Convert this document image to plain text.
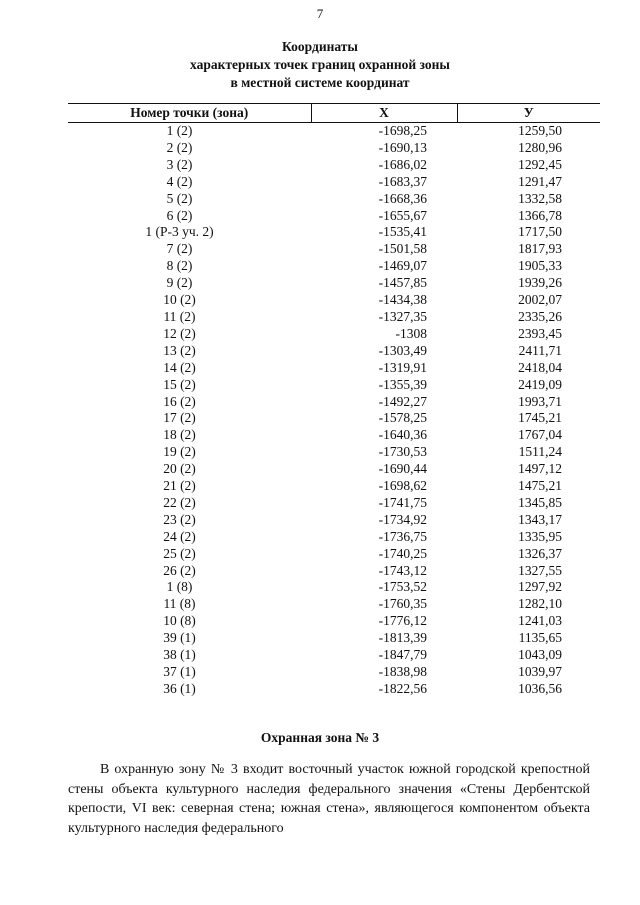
7
Координаты
характерных точек границ охранной зоны
в местной системе координат
Номер точки (зона)	X	У
1 (2)	-1698,25	1259,50
2 (2)	-1690,13	1280,96
3 (2)	-1686,02	1292,45
4 (2)	-1683,37	1291,47
5 (2)	-1668,36	1332,58
6 (2)	-1655,67	1366,78
1 (Р-3 уч. 2)	-1535,41	1717,50
7 (2)	-1501,58	1817,93
8 (2)	-1469,07	1905,33
9 (2)	-1457,85	1939,26
10 (2)	-1434,38	2002,07
11 (2)	-1327,35	2335,26
12 (2)	-1308	2393,45
13 (2)	-1303,49	2411,71
14 (2)	-1319,91	2418,04
15 (2)	-1355,39	2419,09
16 (2)	-1492,27	1993,71
17 (2)	-1578,25	1745,21
18 (2)	-1640,36	1767,04
19 (2)	-1730,53	1511,24
20 (2)	-1690,44	1497,12
21 (2)	-1698,62	1475,21
22 (2)	-1741,75	1345,85
23 (2)	-1734,92	1343,17
24 (2)	-1736,75	1335,95
25 (2)	-1740,25	1326,37
26 (2)	-1743,12	1327,55
1 (8)	-1753,52	1297,92
11 (8)	-1760,35	1282,10
10 (8)	-1776,12	1241,03
39 (1)	-1813,39	1135,65
38 (1)	-1847,79	1043,09
37 (1)	-1838,98	1039,97
36 (1)	-1822,56	1036,56
Охранная зона № 3

В охранную зону № 3 входит восточный участок южной городской крепостной стены объекта культурного наследия федерального значения «Стены Дербентской крепости, VI век: северная стена; южная стена», являющегося компонентом объекта культурного наследия федерального
